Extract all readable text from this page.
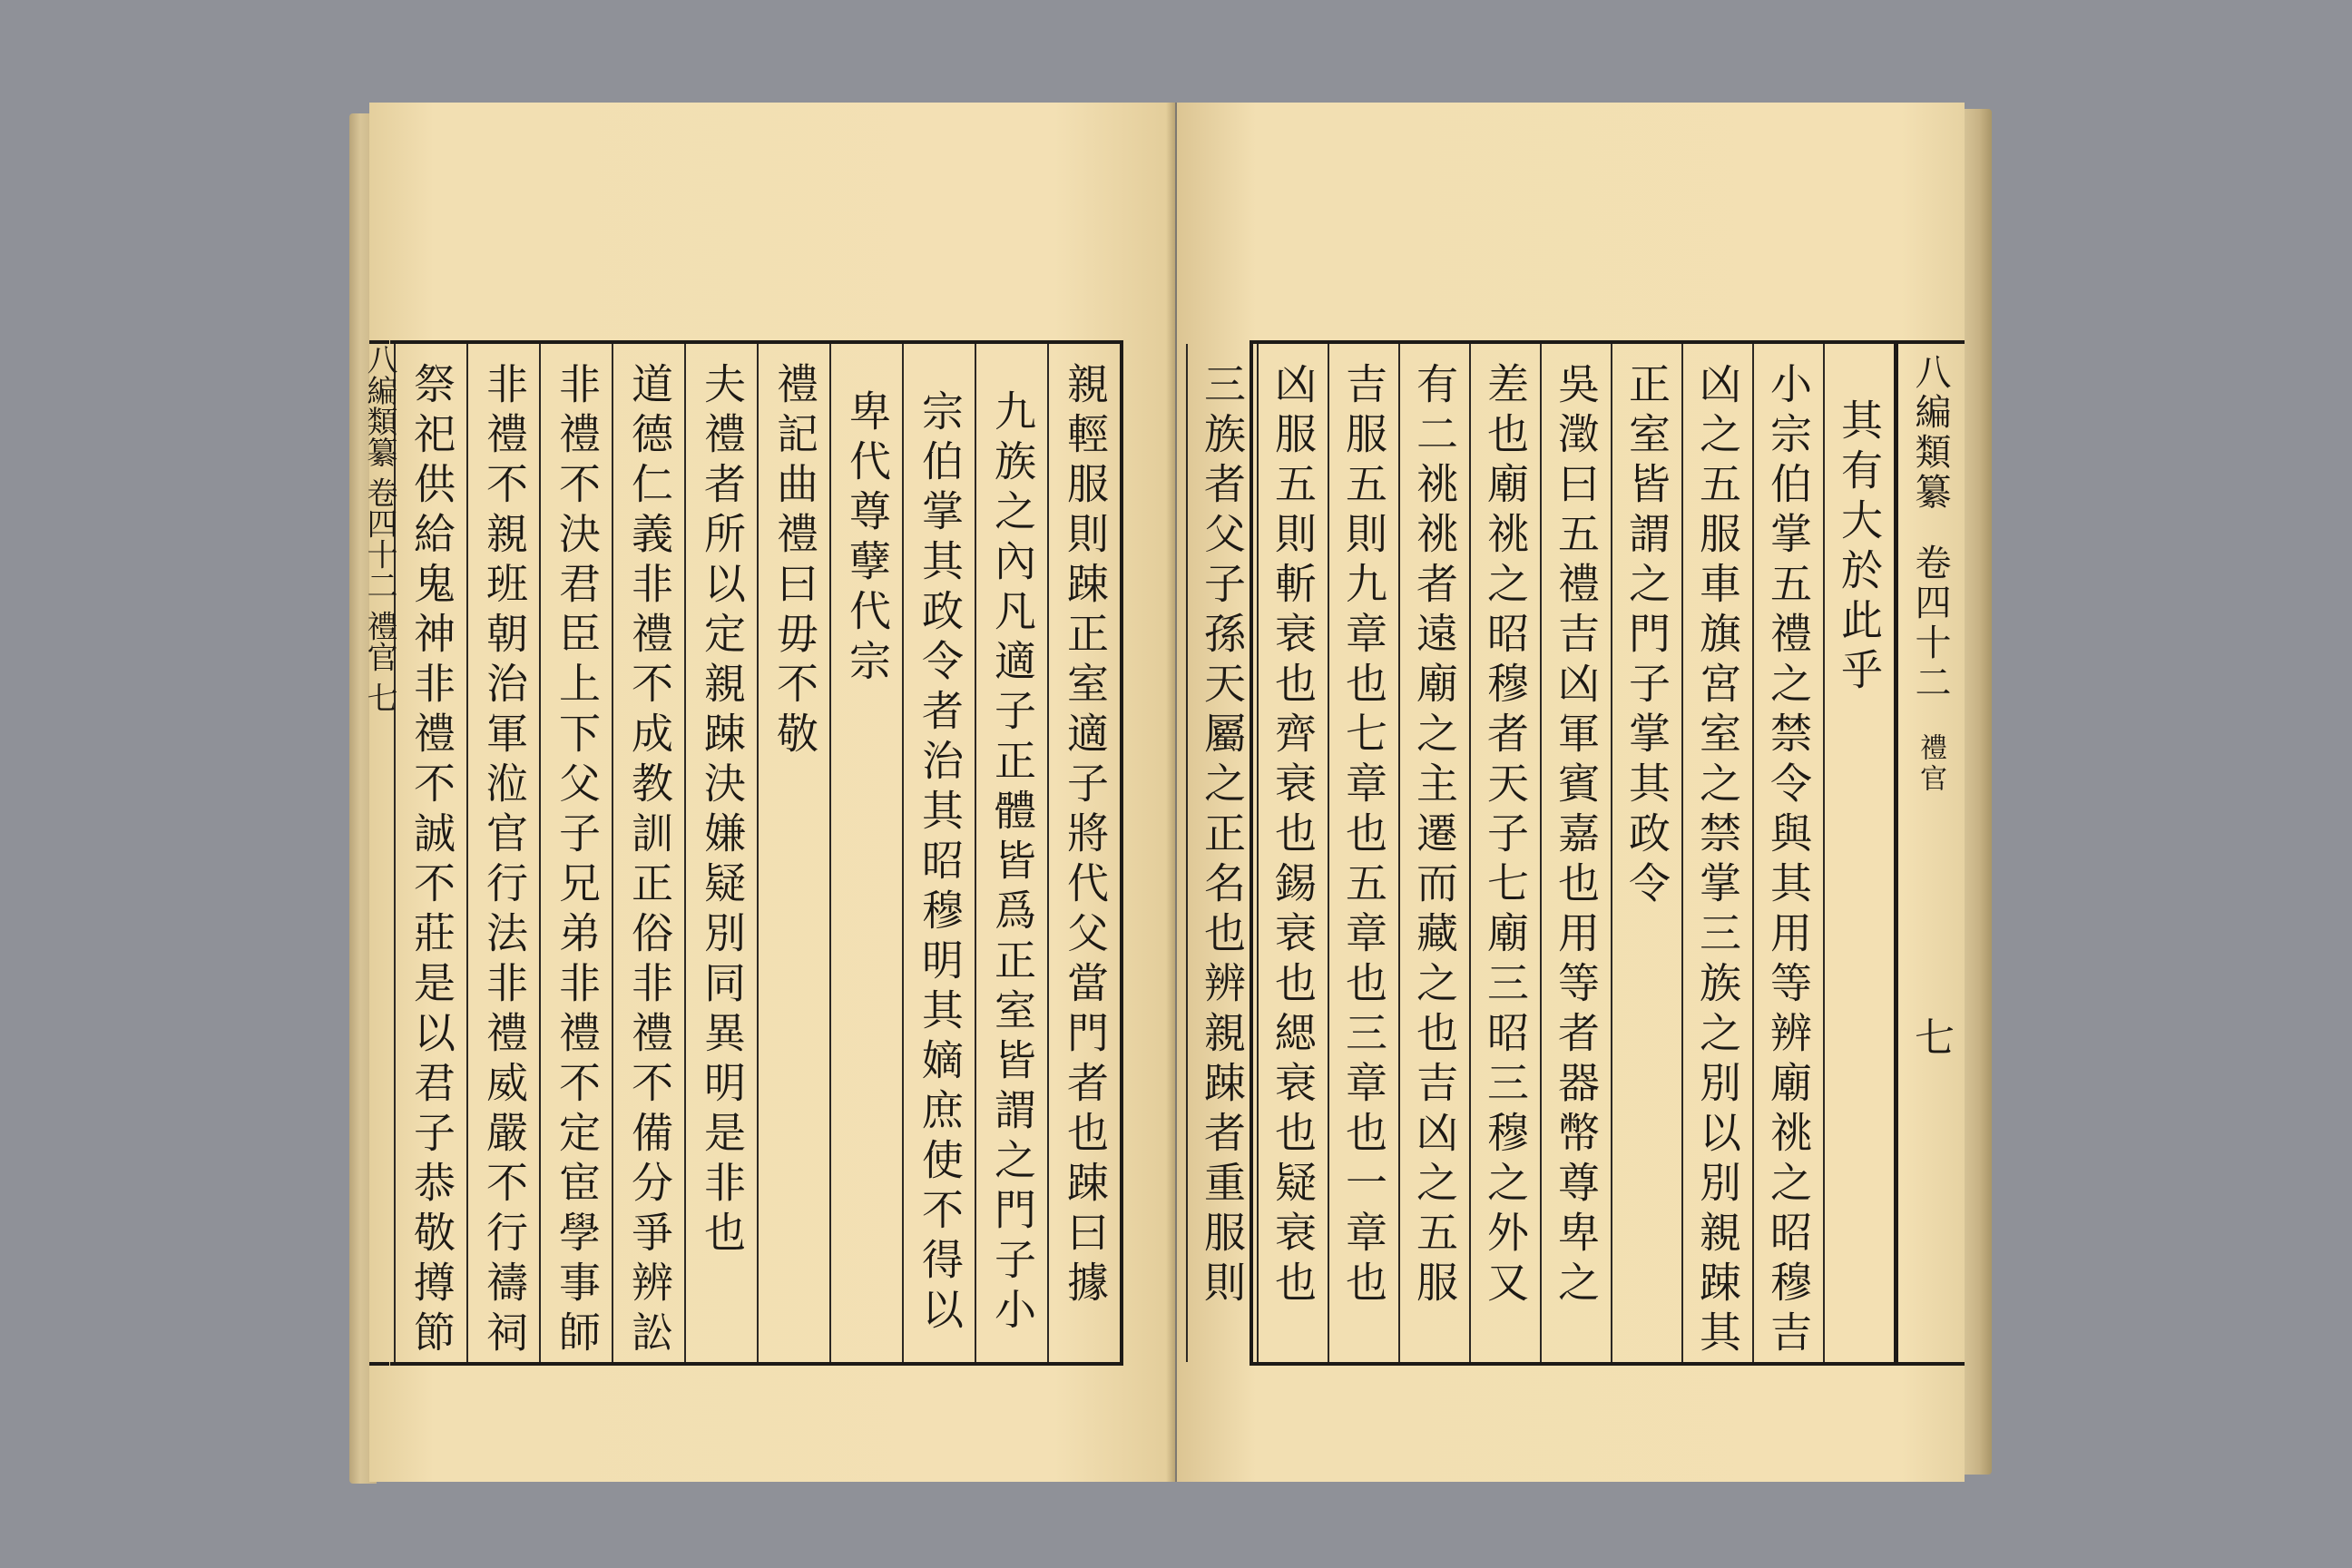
親輕服則踈正室適子將代父當門者也踈曰據
九族之內凡適子正體皆爲正室皆謂之門子小
宗伯掌其政令者治其昭穆明其嫡庶使不得以
卑代尊孽代宗
禮記曲禮曰毋不敬
夫禮者所以定親踈決嫌疑別同異明是非也
道德仁義非禮不成教訓正俗非禮不備分爭辨訟
非禮不決君臣上下父子兄弟非禮不定宦學事師
非禮不親班朝治軍涖官行法非禮威嚴不行禱祠
祭祀供給鬼神非禮不誠不莊是以君子恭敬撙節
八編類纂 卷四十二 禮官 七
八編類纂 卷四十二 禮官 七
其有大於此乎
小宗伯掌五禮之禁令與其用等辨廟祧之昭穆吉
凶之五服車旗宮室之禁掌三族之別以別親踈其
正室皆謂之門子掌其政令
吳澂曰五禮吉凶軍賓嘉也用等者器幣尊卑之
差也廟祧之昭穆者天子七廟三昭三穆之外又
有二祧祧者遠廟之主遷而藏之也吉凶之五服
吉服五則九章也七章也五章也三章也一章也
凶服五則斬衰也齊衰也錫衰也緦衰也疑衰也
三族者父子孫天屬之正名也辨親踈者重服則
